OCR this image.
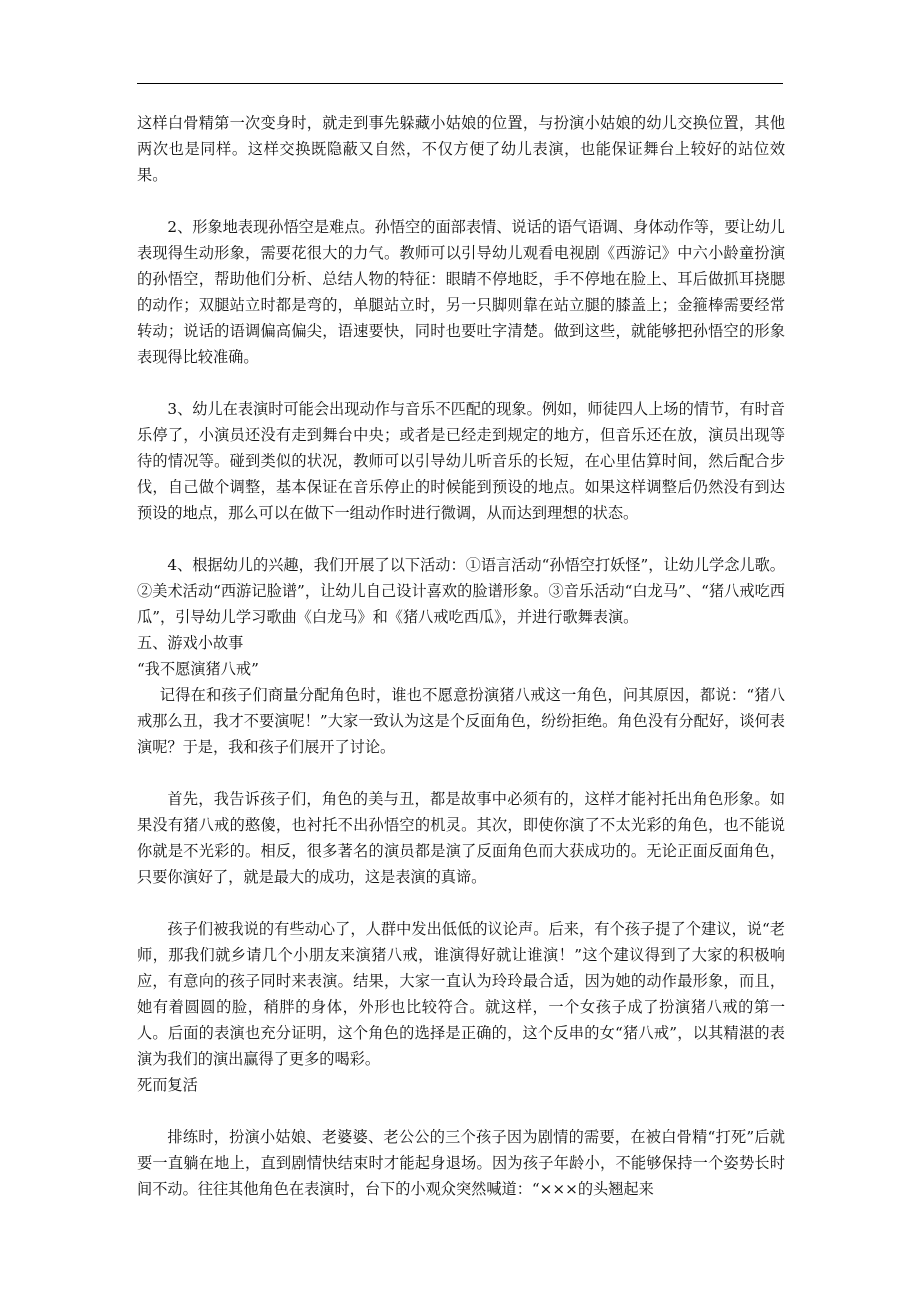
这样白骨精第一次变身时，就走到事先躲藏小姑娘的位置，与扮演小姑娘的幼儿交换位置，其他两次也是同样。这样交换既隐蔽又自然，不仅方便了幼儿表演，也能保证舞台上较好的站位效果。

2、形象地表现孙悟空是难点。孙悟空的面部表情、说话的语气语调、身体动作等，要让幼儿表现得生动形象，需要花很大的力气。教师可以引导幼儿观看电视剧《西游记》中六小龄童扮演的孙悟空，帮助他们分析、总结人物的特征：眼睛不停地眨，手不停地在脸上、耳后做抓耳挠腮的动作；双腿站立时都是弯的，单腿站立时，另一只脚则靠在站立腿的膝盖上；金箍棒需要经常转动；说话的语调偏高偏尖，语速要快，同时也要吐字清楚。做到这些，就能够把孙悟空的形象表现得比较准确。

3、幼儿在表演时可能会出现动作与音乐不匹配的现象。例如，师徒四人上场的情节，有时音乐停了，小演员还没有走到舞台中央；或者是已经走到规定的地方，但音乐还在放，演员出现等待的情况等。碰到类似的状况，教师可以引导幼儿听音乐的长短，在心里估算时间，然后配合步伐，自己做个调整，基本保证在音乐停止的时候能到预设的地点。如果这样调整后仍然没有到达预设的地点，那么可以在做下一组动作时进行微调，从而达到理想的状态。

4、根据幼儿的兴趣，我们开展了以下活动：①语言活动“孙悟空打妖怪”，让幼儿学念儿歌。②美术活动“西游记脸谱”，让幼儿自己设计喜欢的脸谱形象。③音乐活动“白龙马”、“猪八戒吃西瓜”，引导幼儿学习歌曲《白龙马》和《猪八戒吃西瓜》，并进行歌舞表演。

五、游戏小故事

“我不愿演猪八戒”

记得在和孩子们商量分配角色时，谁也不愿意扮演猪八戒这一角色，问其原因，都说：“猪八戒那么丑，我才不要演呢！”大家一致认为这是个反面角色，纷纷拒绝。角色没有分配好，谈何表演呢？于是，我和孩子们展开了讨论。

首先，我告诉孩子们，角色的美与丑，都是故事中必须有的，这样才能衬托出角色形象。如果没有猪八戒的憨傻，也衬托不出孙悟空的机灵。其次，即使你演了不太光彩的角色，也不能说你就是不光彩的。相反，很多著名的演员都是演了反面角色而大获成功的。无论正面反面角色，只要你演好了，就是最大的成功，这是表演的真谛。

孩子们被我说的有些动心了，人群中发出低低的议论声。后来，有个孩子提了个建议，说“老师，那我们就乡请几个小朋友来演猪八戒，谁演得好就让谁演！”这个建议得到了大家的积极响应，有意向的孩子同时来表演。结果，大家一直认为玲玲最合适，因为她的动作最形象，而且，她有着圆圆的脸，稍胖的身体，外形也比较符合。就这样，一个女孩子成了扮演猪八戒的第一人。后面的表演也充分证明，这个角色的选择是正确的，这个反串的女“猪八戒”，以其精湛的表演为我们的演出赢得了更多的喝彩。

死而复活

排练时，扮演小姑娘、老婆婆、老公公的三个孩子因为剧情的需要，在被白骨精“打死”后就要一直躺在地上，直到剧情快结束时才能起身退场。因为孩子年龄小，不能够保持一个姿势长时间不动。往往其他角色在表演时，台下的小观众突然喊道：“×××的头翘起来
